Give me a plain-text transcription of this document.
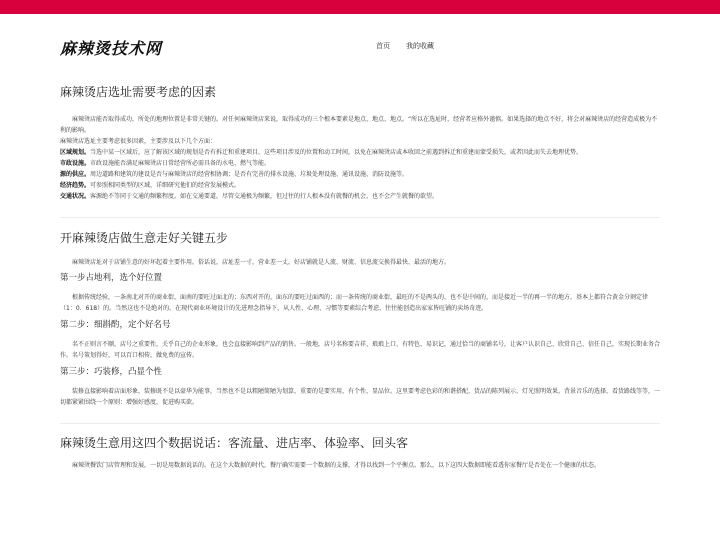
麻辣烫技术网	首页 我的收藏
麻辣烫店选址需要考虑的因素

麻辣烫店能否取得成功，所处的地理位置是非常关键的。对任何麻辣烫店来说，取得成功的三个根本要素是地点、地点、地点。“所以在选址时，经营者应格外谨慎。如果选择的地点不好，将会对麻辣烫店的经营造成极为不利的影响。

麻辣烫店选址主要考虑很多因素，主要涉及以下几个方面：

区域规划。当选中某一区域后，应了解该区域的规划是否有拆迁和重建项目，这些项目涉及的位置和动工时间，以免在麻辣烫店或本收回之前遇到拆迁和重建而蒙受损失，或者因此而失去地理优势。

市政设施。市政设施能否满足麻辣烫店日常经营所必需具备的水电、燃气等能。

源的供应。周边道路和建筑的建设是否与麻辣烫店的经营相协调；是否有完善的排水设施、垃圾处理设施、通讯设施、消防设施等。

经济趋势。可参照相同类型的区域，详细研究他们的经营发展模式。

交通状况。客源绝不等同于交通的频繁程度。如在交通要道，尽管交通极为频繁，但过往的行人根本没有就餐的机会，也不会产生就餐的欲望。

开麻辣烫店做生意走好关键五步

麻辣烫店址对于店铺生意的好坏起着主要作用。俗话说，店址差一寸，营业差一丈。好店铺就是人流、财流、信息流交换得最快、最活的地方。

第一步占地利，选个好位置

根据传统经验，一条南北对开的商业街，面南的要旺过面北的；东西对开的，面东的要旺过面西的；而一条传统的商业街，最旺的不是两头的，也不是中间的，而是接近一半的再一半的地方，基本上都符合黄金分割定律（1：0．618）的。当然这也不是绝对的，在现代商业环境设计的先进理念指导下，从人性、心理、习惯等要素综合考虑，往往能创造出家家皆旺铺的卖场奇迹。

第二步：细斟酌，定个好名号

名不正则言不顺，店号之重要性，关乎自己的企业形象，也会直接影响到产品的销售。一般地，店号名称要吉祥、琅琅上口、有特色、易识记，通过恰当的商铺名号，让客户认识自己、欣赏自己、信任自己，实现长期业务合作。名号策划得好，可以百口相传，做免费的宣传。

第三步：巧装修，凸显个性

装修直接影响着店面形象，装修既不是以豪华为能事，当然也不是以粗陋简陋为划算，重要的是要实用、有个性、显品位。这里要考虑色彩的和谐搭配、货品的陈列展示、灯光照明效果，背景音乐的选择，看货路线等等，一切都紧紧围绕一个原则：增强好感度，促进购买欲。

麻辣烫生意用这四个数据说话：客流量、进店率、体验率、回头客

麻辣烫餐饮门店管理和发展，一切是用数据说话的。在这个大数据的时代，餐厅确实需要一个数据的支撑，才得以找到一个平衡点。那么，以下这四大数据即能看透你家餐厅是否处在一个健康的状态。
